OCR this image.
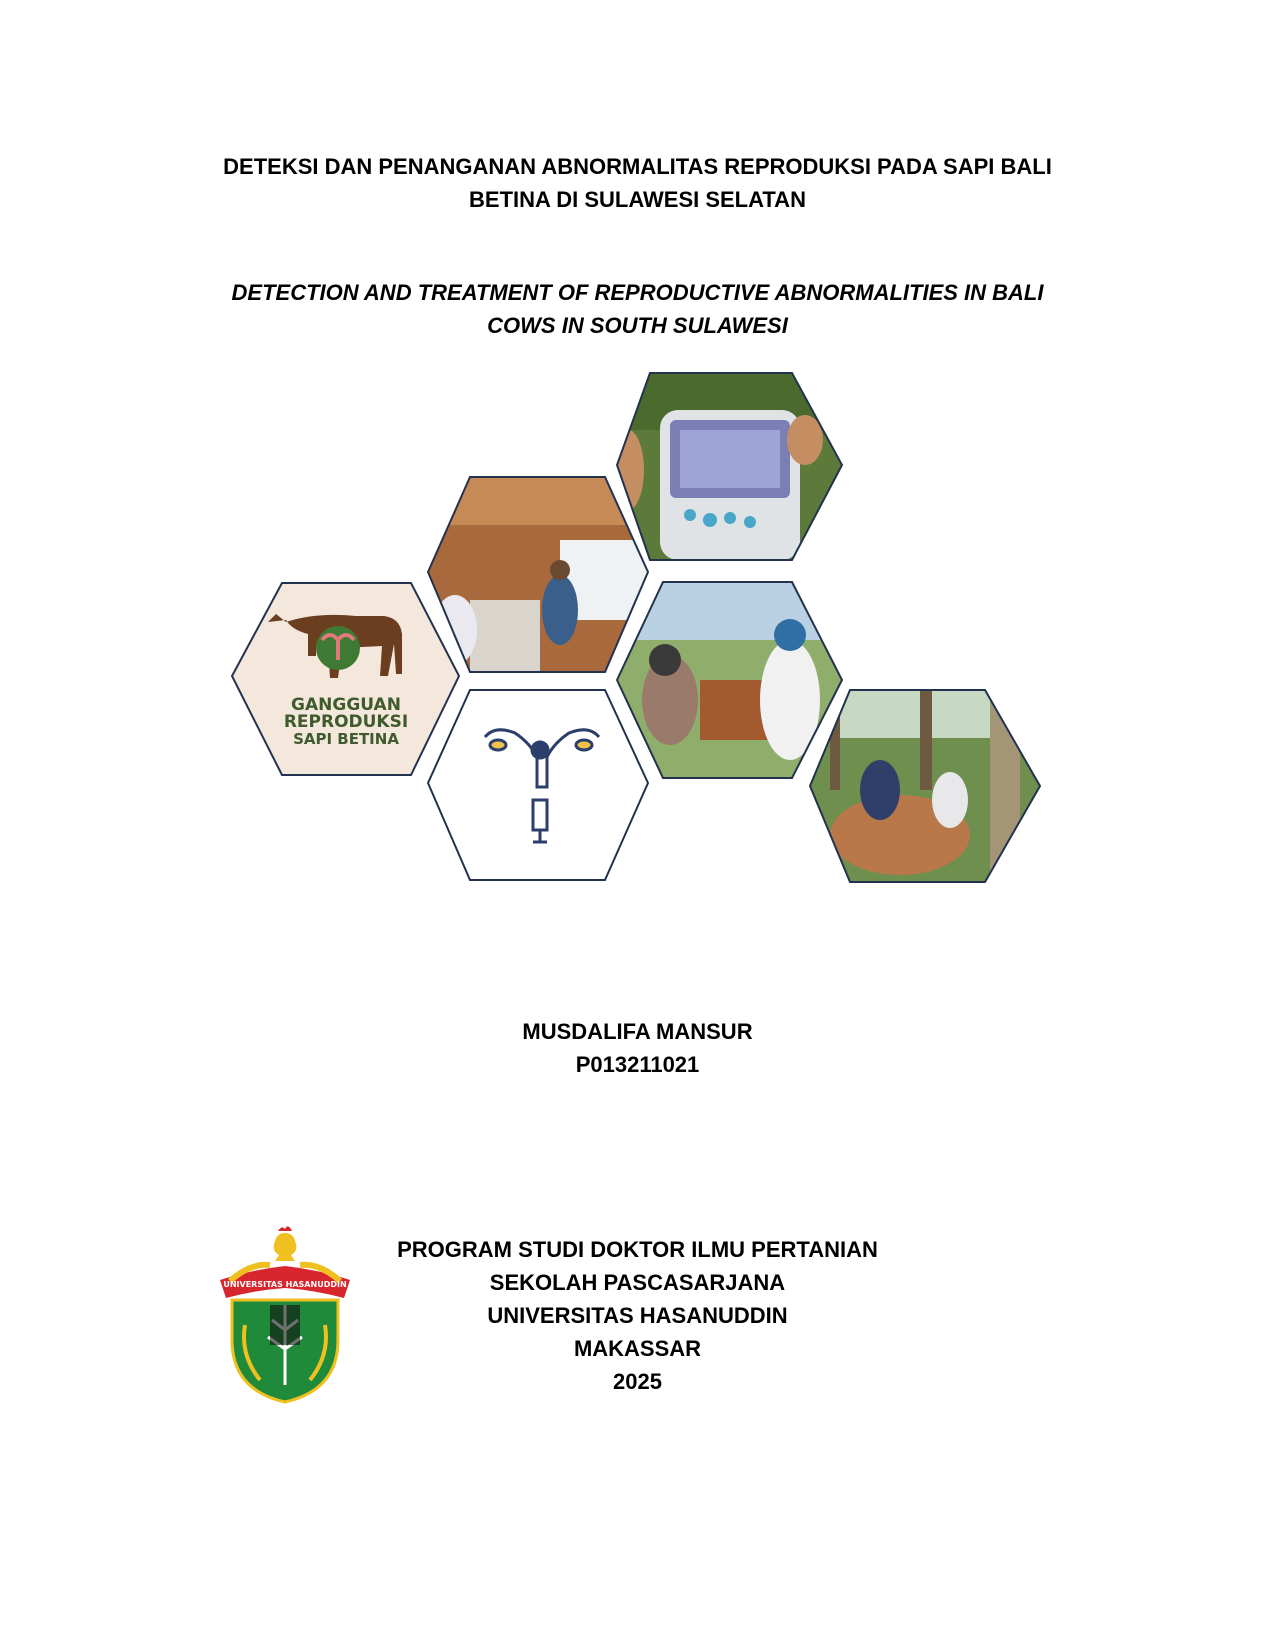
DETEKSI DAN PENANGANAN ABNORMALITAS REPRODUKSI PADA SAPI BALI
BETINA DI SULAWESI SELATAN
DETECTION AND TREATMENT OF REPRODUCTIVE ABNORMALITIES IN BALI
COWS IN SOUTH SULAWESI
GANGGUAN
REPRODUKSI
SAPI BETINA
MUSDALIFA MANSUR
P013211021
UNIVERSITAS HASANUDDIN
PROGRAM STUDI DOKTOR ILMU PERTANIAN
SEKOLAH PASCASARJANA
UNIVERSITAS HASANUDDIN
MAKASSAR
2025
